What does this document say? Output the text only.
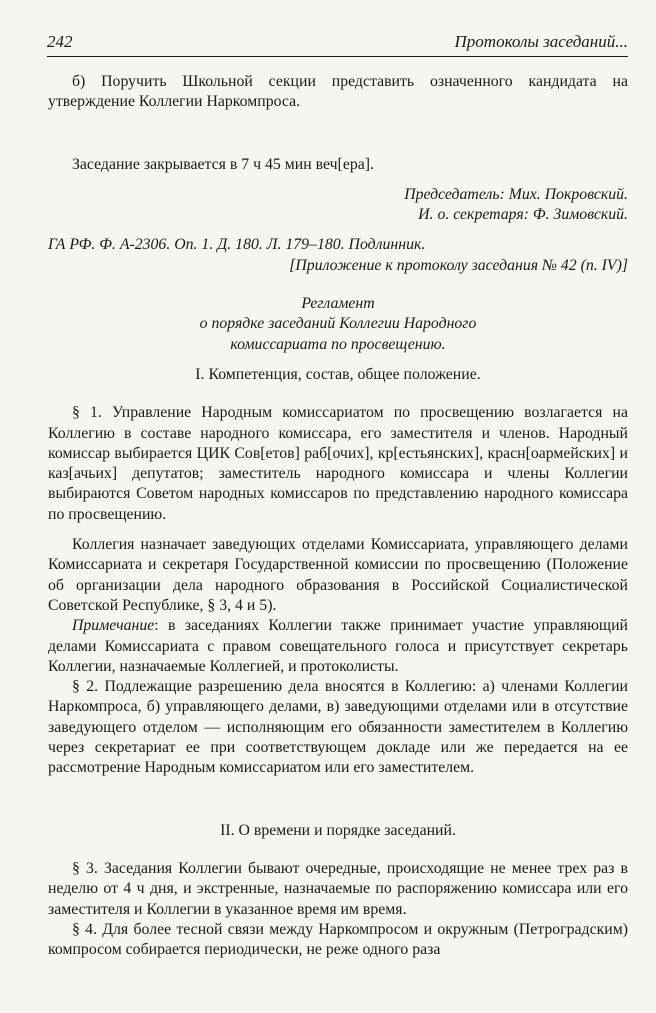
242	Протоколы заседаний...

б) Поручить Школьной секции представить означенного кандидата на утверждение Коллегии Наркомпроса.

Заседание закрывается в 7 ч 45 мин веч[ера].

Председатель: Мих. Покровский.

И. о. секретаря: Ф. Зимовский.

ГА РФ. Ф. А-2306. Оп. 1. Д. 180. Л. 179–180. Подлинник.

[Приложение к протоколу заседания № 42 (п. IV)]

Регламент

о порядке заседаний Коллегии Народного

комиссариата по просвещению.

I. Компетенция, состав, общее положение.

§ 1. Управление Народным комиссариатом по просвещению возлагается на Коллегию в составе народного комиссара, его заместителя и членов. Народный комиссар выбирается ЦИК Сов[етов] раб[очих], кр[естьянских], красн[оармейских] и каз[ачьих] депутатов; заместитель народного комиссара и члены Коллегии выбираются Советом народных комиссаров по представлению народного комиссара по просвещению.

Коллегия назначает заведующих отделами Комиссариата, управляющего делами Комиссариата и секретаря Государственной комиссии по просвещению (Положение об организации дела народного образования в Российской Социалистической Советской Республике, § 3, 4 и 5).

Примечание: в заседаниях Коллегии также принимает участие управляющий делами Комиссариата с правом совещательного голоса и присутствует секретарь Коллегии, назначаемые Коллегией, и протоколисты.

§ 2. Подлежащие разрешению дела вносятся в Коллегию: а) членами Коллегии Наркомпроса, б) управляющего делами, в) заведующими отделами или в отсутствие заведующего отделом — исполняющим его обязанности заместителем в Коллегию через секретариат ее при соответствующем докладе или же передается на ее рассмотрение Народным комиссариатом или его заместителем.

II. О времени и порядке заседаний.

§ 3. Заседания Коллегии бывают очередные, происходящие не менее трех раз в неделю от 4 ч дня, и экстренные, назначаемые по распоряжению комиссара или его заместителя и Коллегии в указанное время им время.

§ 4. Для более тесной связи между Наркомпросом и окружным (Петроградским) компросом собирается периодически, не реже одного раза
